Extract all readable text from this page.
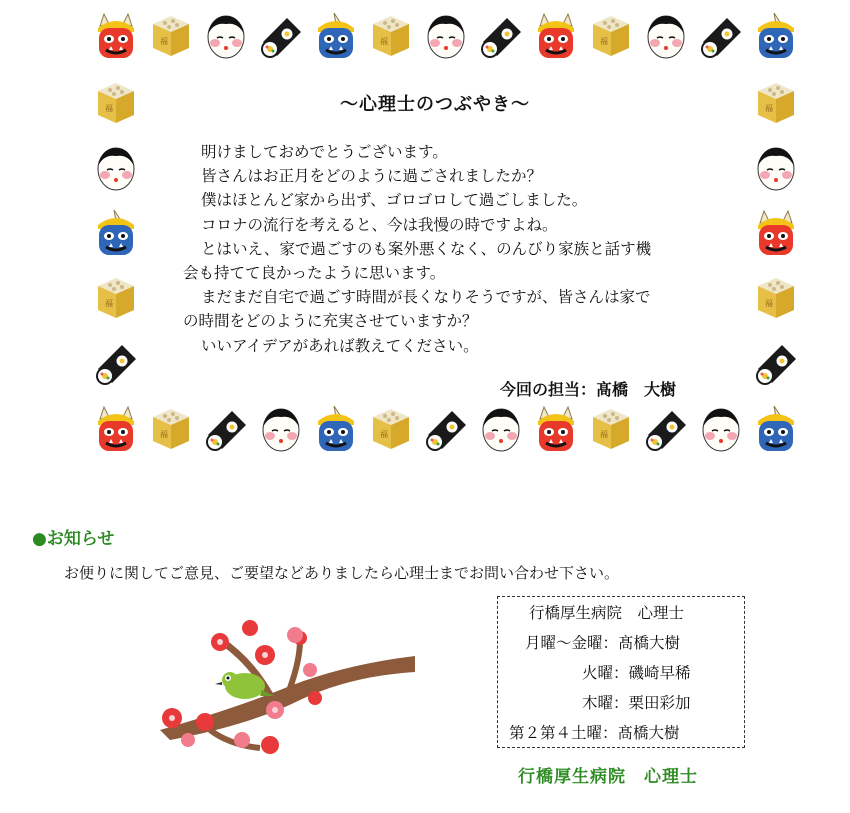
～心理士のつぶやき～
明けましておめでとうございます。
皆さんはお正月をどのように過ごされましたか？
僕はほとんど家から出ず、ゴロゴロして過ごしました。
コロナの流行を考えると、今は我慢の時ですよね。
とはいえ、家で過ごすのも案外悪くなく、のんびり家族と話す機
会も持てて良かったように思います。
まだまだ自宅で過ごす時間が長くなりそうですが、皆さんは家で
の時間をどのように充実させていますか？
いいアイデアがあれば教えてください。
今回の担当：髙橋　大樹
●お知らせ
お便りに関してご意見、ご要望などありましたら心理士までお問い合わせ下さい。
行橋厚生病院　心理士
月曜～金曜：髙橋大樹
火曜：磯崎早稀
木曜：栗田彩加
第２第４土曜：髙橋大樹
行橋厚生病院　心理士
